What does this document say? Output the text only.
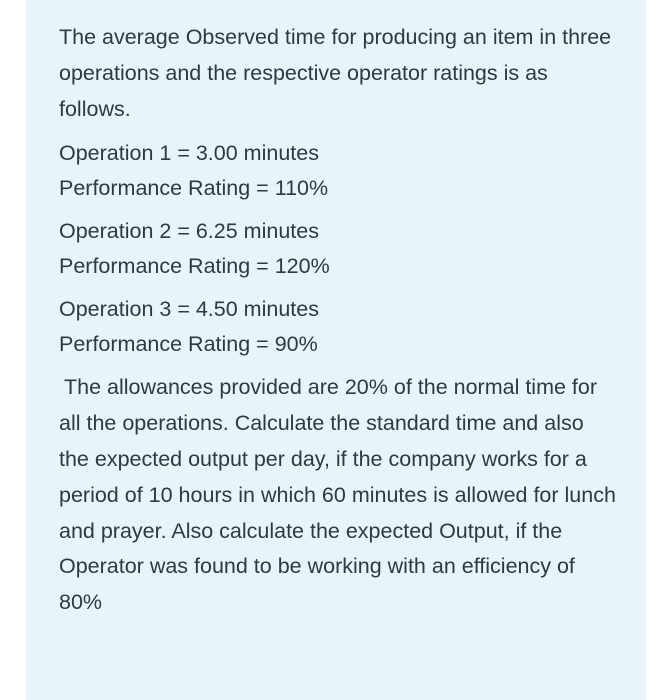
The average Observed time for producing an item in three operations and the respective operator ratings is as follows.

Operation 1 = 3.00 minutes
Performance Rating = 110%
Operation 2 = 6.25 minutes
Performance Rating = 120%
Operation 3 = 4.50 minutes
Performance Rating = 90%

The allowances provided are 20% of the normal time for all the operations. Calculate the standard time and also the expected output per day, if the company works for a period of 10 hours in which 60 minutes is allowed for lunch and prayer. Also calculate the expected Output, if the Operator was found to be working with an efficiency of 80%
